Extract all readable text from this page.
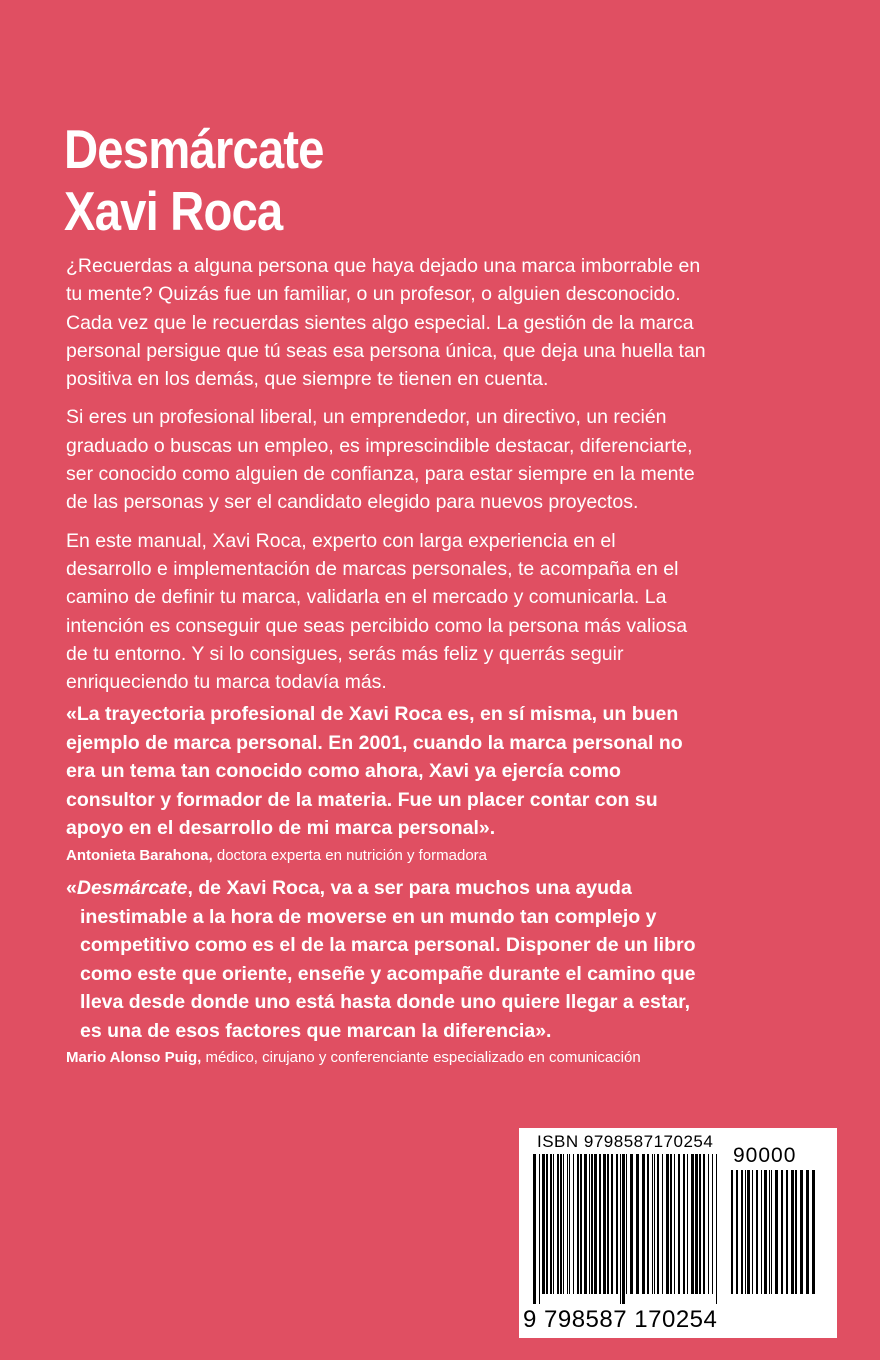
Desmárcate
Xavi Roca

¿Recuerdas a alguna persona que haya dejado una marca imborrable en tu mente? Quizás fue un familiar, o un profesor, o alguien desconocido. Cada vez que le recuerdas sientes algo especial. La gestión de la marca personal persigue que tú seas esa persona única, que deja una huella tan positiva en los demás, que siempre te tienen en cuenta.

Si eres un profesional liberal, un emprendedor, un directivo, un recién graduado o buscas un empleo, es imprescindible destacar, diferenciarte, ser conocido como alguien de confianza, para estar siempre en la mente de las personas y ser el candidato elegido para nuevos proyectos.

En este manual, Xavi Roca, experto con larga experiencia en el desarrollo e implementación de marcas personales, te acompaña en el camino de definir tu marca, validarla en el mercado y comunicarla. La intención es conseguir que seas percibido como la persona más valiosa de tu entorno. Y si lo consigues, serás más feliz y querrás seguir enriqueciendo tu marca todavía más.

«La trayectoria profesional de Xavi Roca es, en sí misma, un buen ejemplo de marca personal. En 2001, cuando la marca personal no era un tema tan conocido como ahora, Xavi ya ejercía como consultor y formador de la materia. Fue un placer contar con su apoyo en el desarrollo de mi marca personal».

Antonieta Barahona, doctora experta en nutrición y formadora

«Desmárcate, de Xavi Roca, va a ser para muchos una ayuda
inestimable a la hora de moverse en un mundo tan complejo y competitivo como es el de la marca personal. Disponer de un libro como este que oriente, enseñe y acompañe durante el camino que lleva desde donde uno está hasta donde uno quiere llegar a estar, es una de esos factores que marcan la diferencia».

Mario Alonso Puig, médico, cirujano y conferenciante especializado en comunicación

ISBN 9798587170254
90000
9 798587 170254
